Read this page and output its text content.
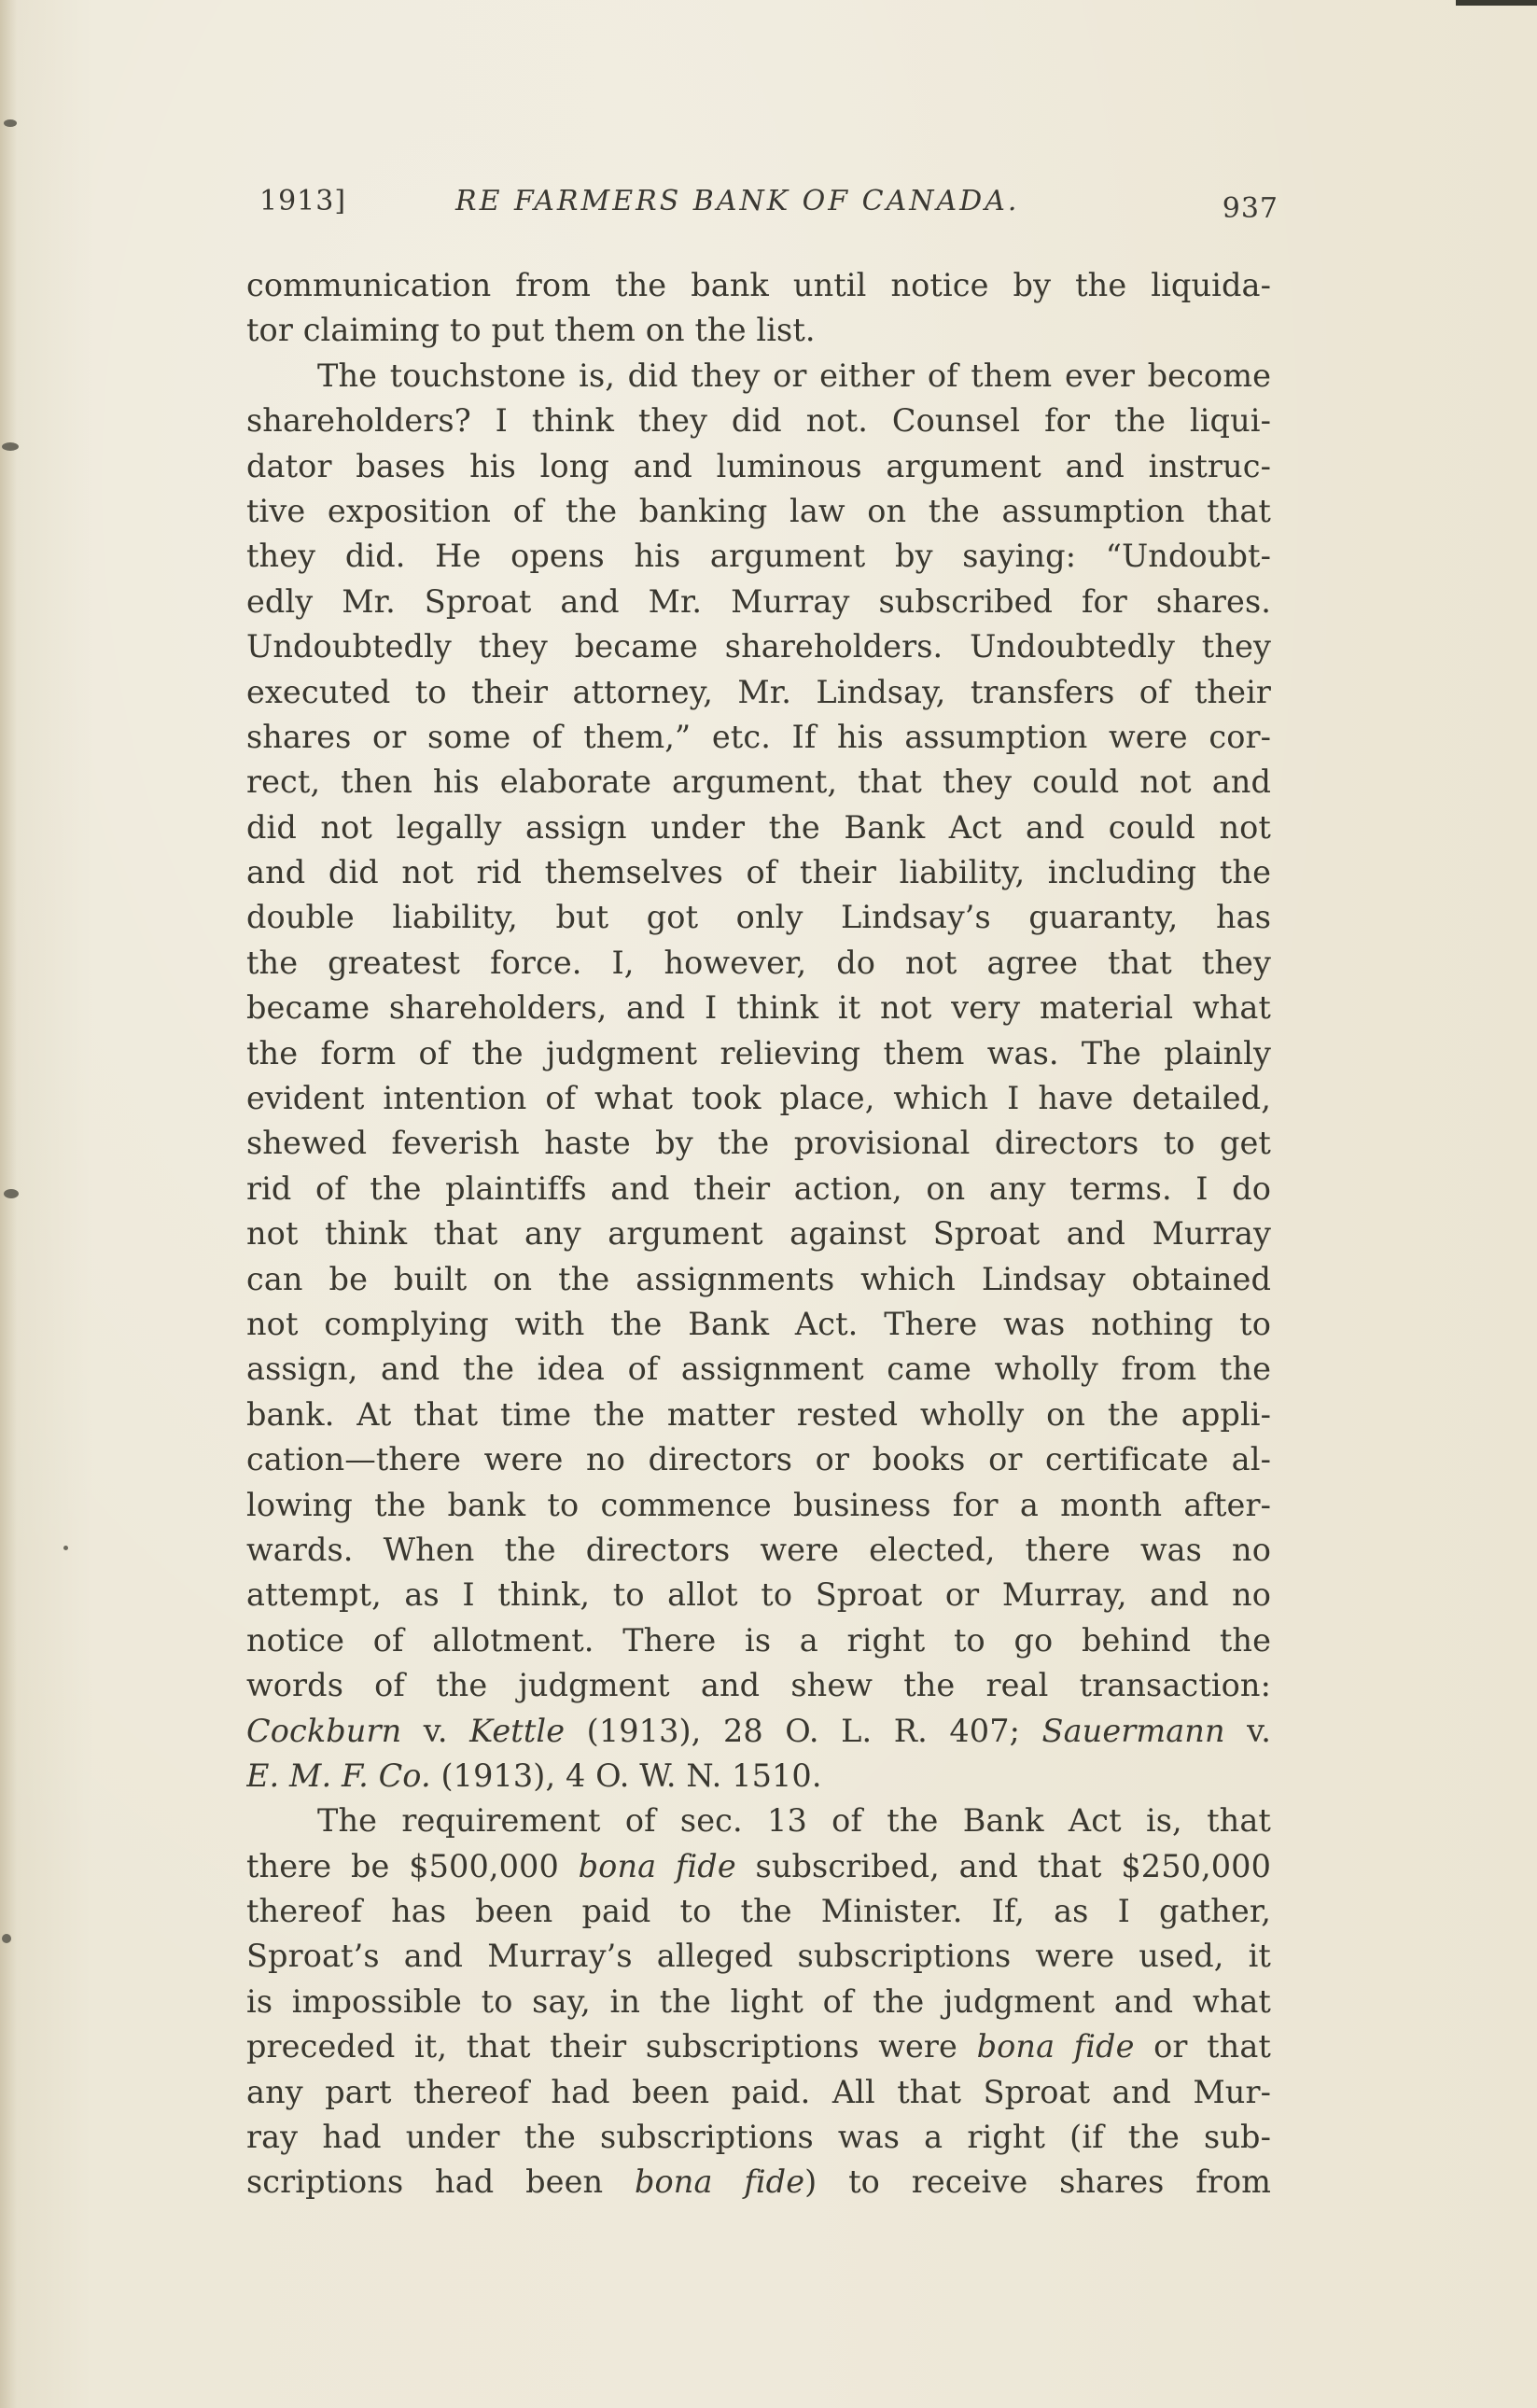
1913]	RE FARMERS BANK OF CANADA.	937
communication from the bank until notice by the liquida-
tor claiming to put them on the list.
The touchstone is, did they or either of them ever become
shareholders? I think they did not. Counsel for the liqui-
dator bases his long and luminous argument and instruc-
tive exposition of the banking law on the assumption that
they did. He opens his argument by saying: “Undoubt-
edly Mr. Sproat and Mr. Murray subscribed for shares.
Undoubtedly they became shareholders. Undoubtedly they
executed to their attorney, Mr. Lindsay, transfers of their
shares or some of them,” etc. If his assumption were cor-
rect, then his elaborate argument, that they could not and
did not legally assign under the Bank Act and could not
and did not rid themselves of their liability, including the
double liability, but got only Lindsay’s guaranty, has
the greatest force. I, however, do not agree that they
became shareholders, and I think it not very material what
the form of the judgment relieving them was. The plainly
evident intention of what took place, which I have detailed,
shewed feverish haste by the provisional directors to get
rid of the plaintiffs and their action, on any terms. I do
not think that any argument against Sproat and Murray
can be built on the assignments which Lindsay obtained
not complying with the Bank Act. There was nothing to
assign, and the idea of assignment came wholly from the
bank. At that time the matter rested wholly on the appli-
cation—there were no directors or books or certificate al-
lowing the bank to commence business for a month after-
wards. When the directors were elected, there was no
attempt, as I think, to allot to Sproat or Murray, and no
notice of allotment. There is a right to go behind the
words of the judgment and shew the real transaction:
Cockburn v. Kettle (1913), 28 O. L. R. 407; Sauermann v.
E. M. F. Co. (1913), 4 O. W. N. 1510.
The requirement of sec. 13 of the Bank Act is, that
there be $500,000 bona fide subscribed, and that $250,000
thereof has been paid to the Minister. If, as I gather,
Sproat’s and Murray’s alleged subscriptions were used, it
is impossible to say, in the light of the judgment and what
preceded it, that their subscriptions were bona fide or that
any part thereof had been paid. All that Sproat and Mur-
ray had under the subscriptions was a right (if the sub-
scriptions had been bona fide) to receive shares from
